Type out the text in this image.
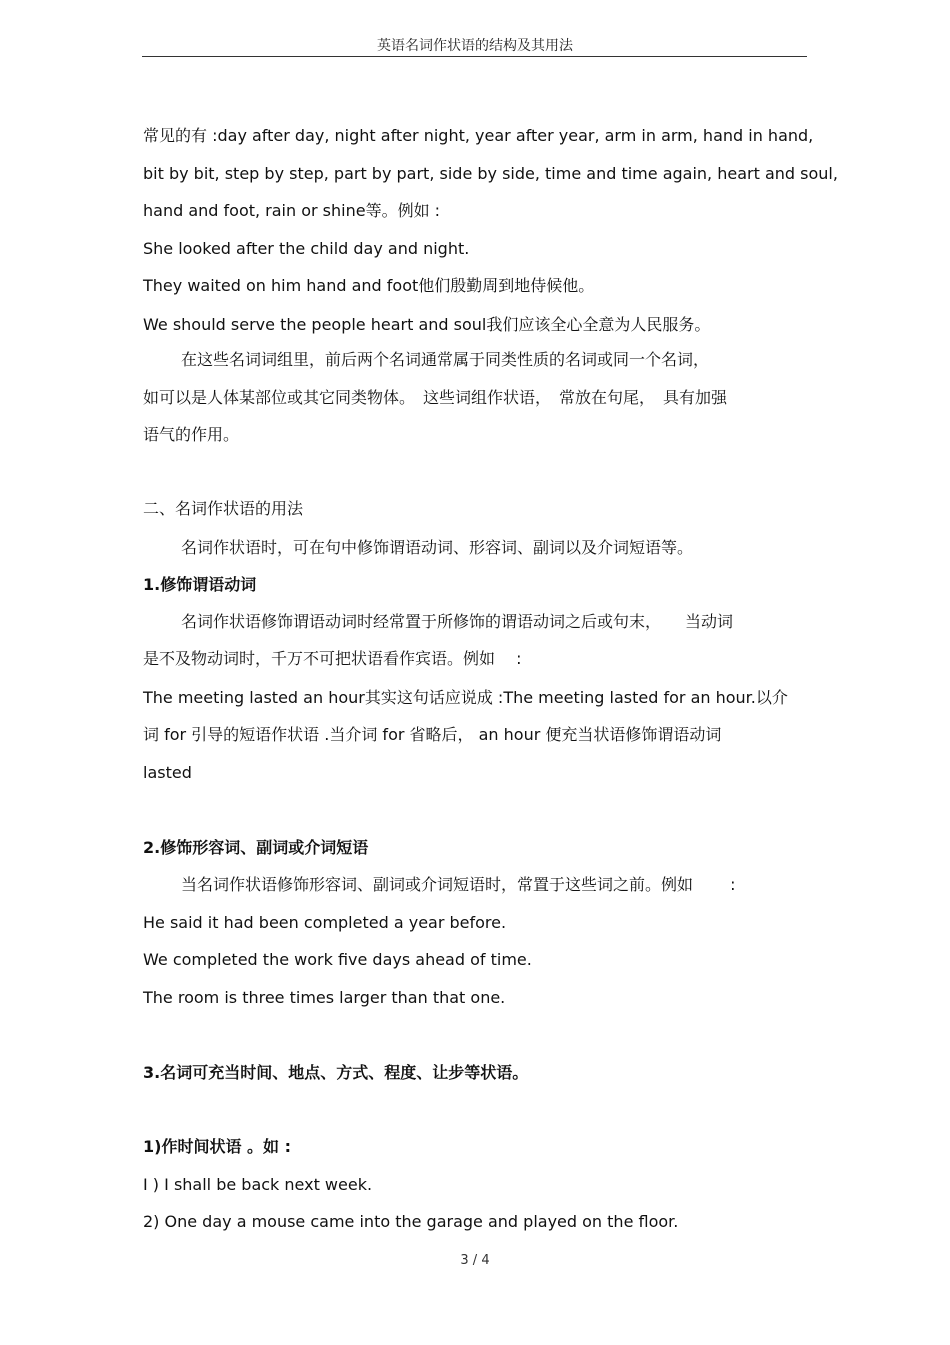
英语名词作状语的结构及其用法
常见的有 :day after day, night after night, year after year, arm in arm, hand in hand,
bit by bit, step by step, part by part, side by side, time and time again, heart and soul,
hand and foot, rain or shine等。例如 :
She looked after the child day and night.
They waited on him hand and foot他们殷勤周到地侍候他。
We should serve the people heart and soul我们应该全心全意为人民服务。
在这些名词词组里，前后两个名词通常属于同类性质的名词或同一个名词，
如可以是人体某部位或其它同类物体。　这些词组作状语，　常放在句尾，　具有加强
语气的作用。
二、名词作状语的用法
名词作状语时，可在句中修饰谓语动词、形容词、副词以及介词短语等。
1.修饰谓语动词
名词作状语修饰谓语动词时经常置于所修饰的谓语动词之后或句末，　　当动词
是不及物动词时，千万不可把状语看作宾语。例如　 :
The meeting lasted an hour其实这句话应说成 :The meeting lasted for an hour.以介
词 for 引导的短语作状语 .当介词 for 省略后， an hour 便充当状语修饰谓语动词
lasted
2.修饰形容词、副词或介词短语
当名词作状语修饰形容词、副词或介词短语时，常置于这些词之前。例如　　 :
He said it had been completed a year before.
We completed the work five days ahead of time.
The room is three times larger than that one.
3.名词可充当时间、地点、方式、程度、让步等状语。
1)作时间状语 。如 :
I ) I shall be back next week.
2) One day a mouse came into the garage and played on the floor.
3 / 4
